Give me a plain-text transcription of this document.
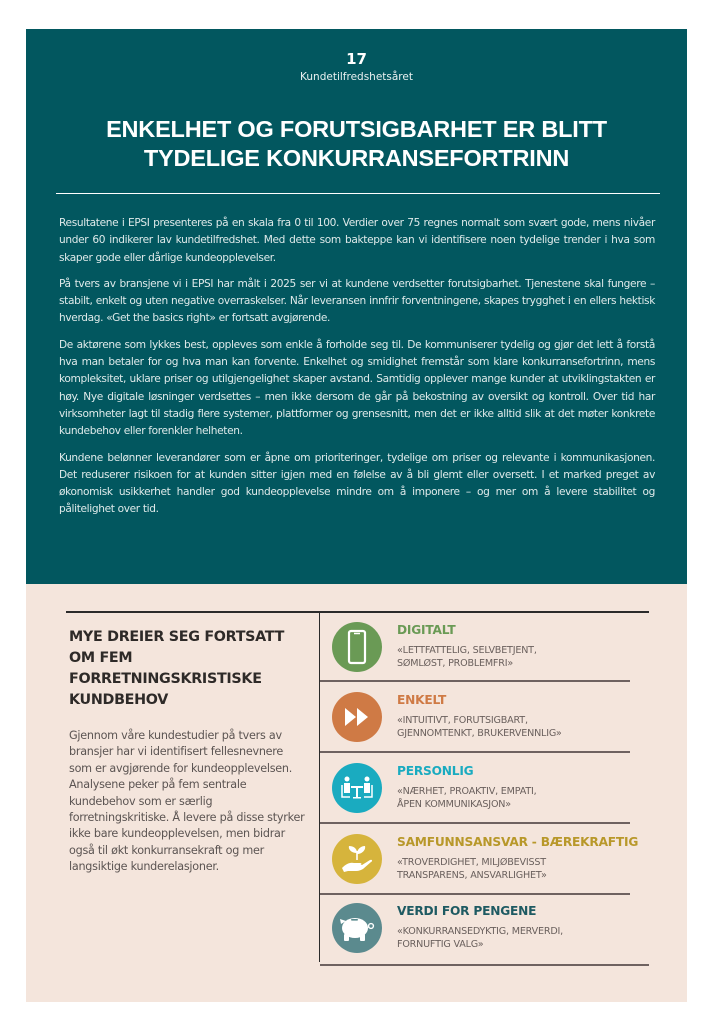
17
Kundetilfredshetsåret
ENKELHET OG FORUTSIGBARHET ER BLITT
TYDELIGE KONKURRANSEFORTRINN

Resultatene i EPSI presenteres på en skala fra 0 til 100. Verdier over 75 regnes normalt som svært gode, mens nivåer under 60 indikerer lav kundetilfredshet. Med dette som bakteppe kan vi identifisere noen tydelige trender i hva som skaper gode eller dårlige kundeopplevelser.

På tvers av bransjene vi i EPSI har målt i 2025 ser vi at kundene verdsetter forutsigbarhet. Tjenestene skal fungere – stabilt, enkelt og uten negative overraskelser. Når leveransen innfrir forventningene, skapes trygghet i en ellers hektisk hverdag. «Get the basics right» er fortsatt avgjørende.

De aktørene som lykkes best, oppleves som enkle å forholde seg til. De kommuniserer tydelig og gjør det lett å forstå hva man betaler for og hva man kan forvente. Enkelhet og smidighet fremstår som klare konkurransefortrinn, mens kompleksitet, uklare priser og utilgjengelighet skaper avstand. Samtidig opplever mange kunder at utviklingstakten er høy. Nye digitale løsninger verdsettes – men ikke dersom de går på bekostning av oversikt og kontroll. Over tid har virksomheter lagt til stadig flere systemer, plattformer og grensesnitt, men det er ikke alltid slik at det møter konkrete kundebehov eller forenkler helheten.

Kundene belønner leverandører som er åpne om prioriteringer, tydelige om priser og relevante i kommunikasjonen. Det reduserer risikoen for at kunden sitter igjen med en følelse av å bli glemt eller oversett. I et marked preget av økonomisk usikkerhet handler god kundeopplevelse mindre om å imponere – og mer om å levere stabilitet og pålitelighet over tid.

MYE DREIER SEG FORTSATT OM FEM FORRETNINGSKRISTISKE KUNDBEHOV
Gjennom våre kundestudier på tvers av bransjer har vi identifisert fellesnevnere som er avgjørende for kundeopplevelsen. Analysene peker på fem sentrale kundebehov som er særlig forretningskritiske. Å levere på disse styrker ikke bare kundeopplevelsen, men bidrar også til økt konkurransekraft og mer langsiktige kunderelasjoner.
DIGITALT
«LETTFATTELIG, SELVBETJENT,
SØMLØST, PROBLEMFRI»
ENKELT
«INTUITIVT, FORUTSIGBART,
GJENNOMTENKT, BRUKERVENNLIG»
PERSONLIG
«NÆRHET, PROAKTIV, EMPATI,
ÅPEN KOMMUNIKASJON»
SAMFUNNSANSVAR - BÆREKRAFTIG
«TROVERDIGHET, MILJØBEVISST
TRANSPARENS, ANSVARLIGHET»
VERDI FOR PENGENE
«KONKURRANSEDYKTIG, MERVERDI,
FORNUFTIG VALG»
